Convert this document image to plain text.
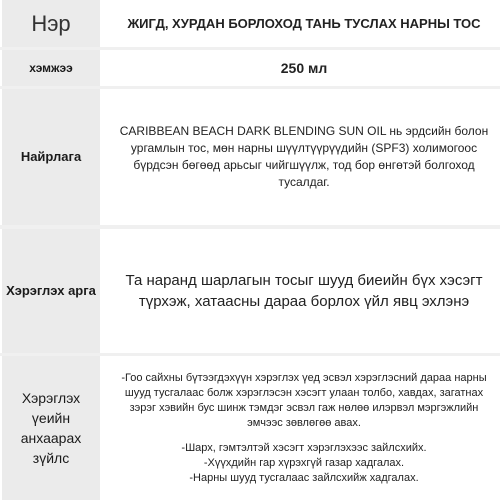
Нэр	ЖИГД, ХУРДАН БОРЛОХОД ТАНЬ ТУСЛАХ НАРНЫ ТОС
хэмжээ	250 мл
Найрлага
CARIBBEAN BEACH DARK BLENDING SUN OIL нь эрдсийн болон ургамлын тос, мөн нарны шүүлтүүрүүдийн (SPF3) холимогоос бүрдсэн бөгөөд арьсыг чийгшүүлж, тод бор өнгөтэй болгоход тусалдаг.
Хэрэглэх арга
Та наранд шарлагын тосыг шууд биеийн бүх хэсэгт түрхэж, хатаасны дараа борлох үйл явц эхлэнэ
Хэрэглэх үеийн анхаарах зүйлс

-Гоо сайхны бүтээгдэхүүн хэрэглэх үед эсвэл хэрэглэсний дараа нарны шууд тусгалаас болж хэрэглэсэн хэсэгт улаан толбо, хавдах, загатнах зэрэг хэвийн бус шинж тэмдэг эсвэл гаж нөлөө илэрвэл мэргэжлийн эмчээс зөвлөгөө авах.

-Шарх, гэмтэлтэй хэсэгт хэрэглэхээс зайлсхийх.

-Хүүхдийн гар хүрэхгүй газар хадгалах.

-Нарны шууд тусгалаас зайлсхийж хадгалах.
